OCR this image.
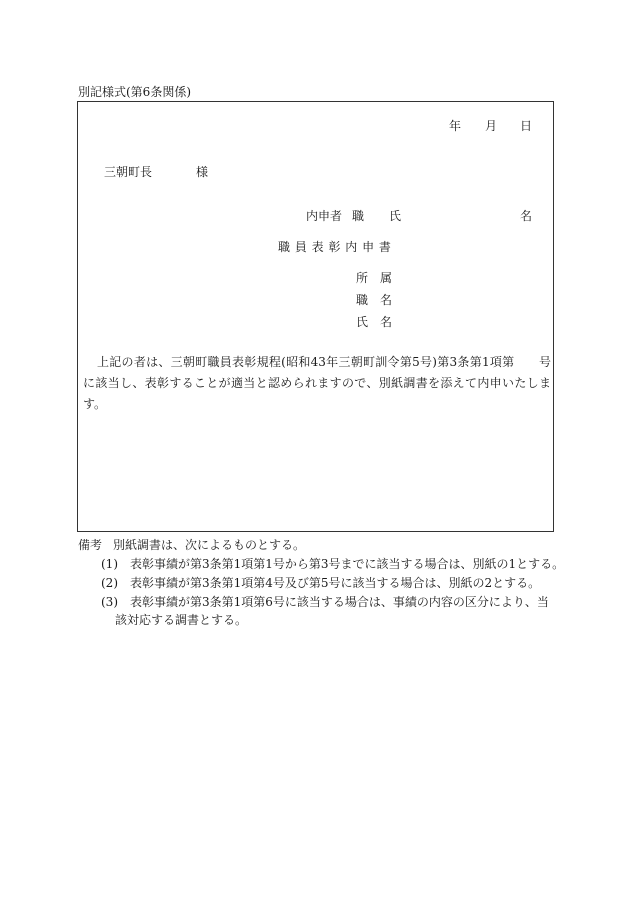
別記様式(第6条関係)
年 月 日
三朝町長	様
内申者 職 氏	名
職 員 表 彰 内 申 書
所　属
職　名
氏　名
上記の者は、三朝町職員表彰規程(昭和43年三朝町訓令第5号)第3条第1項第　　号に該当し、表彰することが適当と認められますので、別紙調書を添えて内申いたします。
備考 別紙調書は、次によるものとする。
(1) 表彰事績が第3条第1項第1号から第3号までに該当する場合は、別紙の1とする。
(2) 表彰事績が第3条第1項第4号及び第5号に該当する場合は、別紙の2とする。
(3)	表彰事績が第3条第1項第6号に該当する場合は、事績の内容の区分により、当該対応する調書とする。
